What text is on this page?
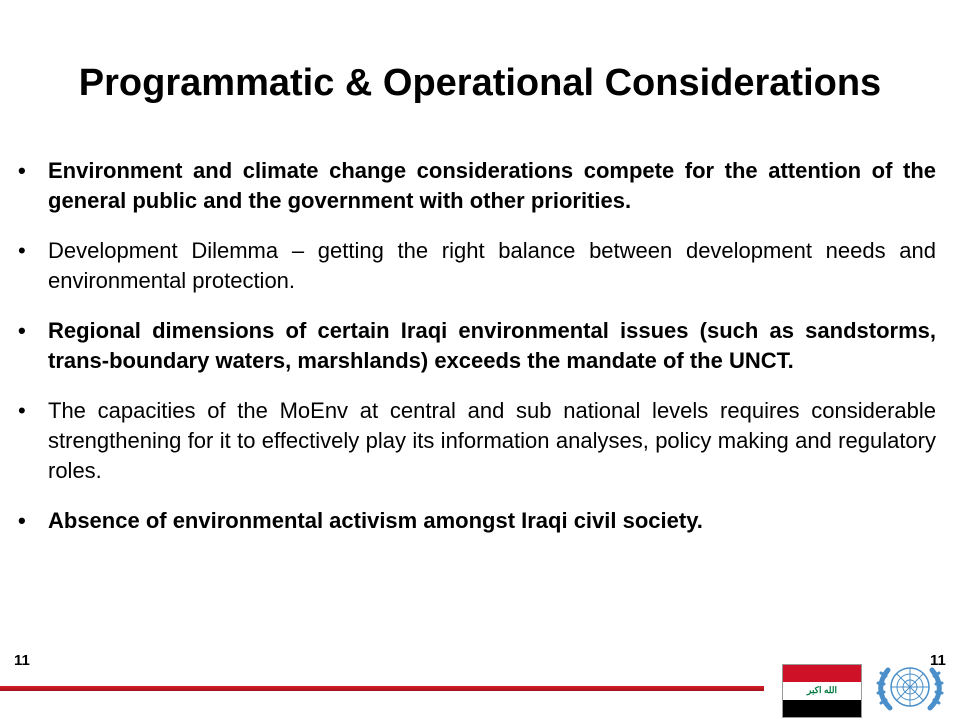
Programmatic & Operational Considerations
•	Environment and climate change considerations compete for the attention of the general public and the government with other priorities.
•	Development Dilemma – getting the right balance between development needs and environmental protection.
•	Regional dimensions of certain Iraqi environmental issues (such as sandstorms, trans-boundary waters, marshlands) exceeds the mandate of the UNCT.
•	The capacities of the MoEnv at central and sub national levels requires considerable strengthening for it to effectively play its information analyses, policy making and regulatory roles.
•	Absence of environmental activism amongst Iraqi civil society.
11	11
الله اكبر
